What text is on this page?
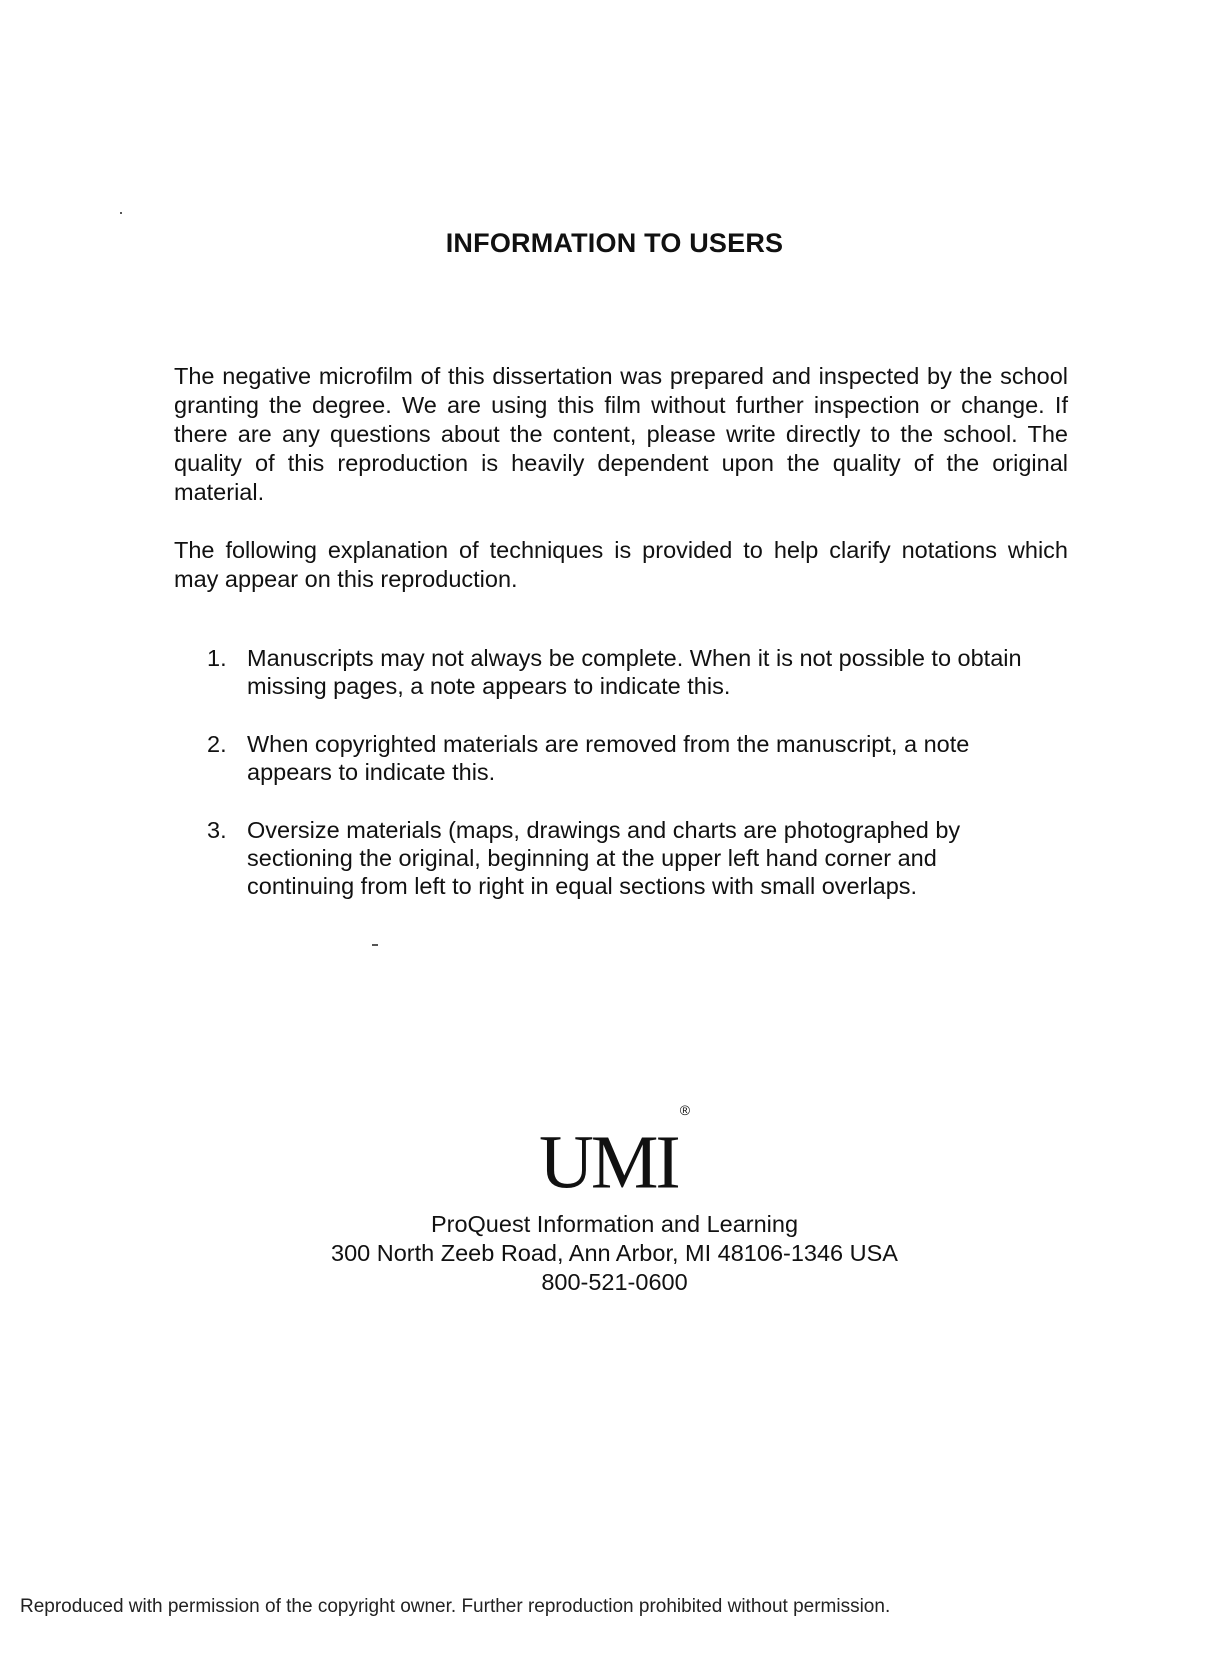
INFORMATION TO USERS

The negative microfilm of this dissertation was prepared and inspected by the school granting the degree. We are using this film without further inspection or change. If there are any questions about the content, please write directly to the school. The quality of this reproduction is heavily dependent upon the quality of the original material.

The following explanation of techniques is provided to help clarify notations which may appear on this reproduction.

1. Manuscripts may not always be complete. When it is not possible to obtain missing pages, a note appears to indicate this.
2. When copyrighted materials are removed from the manuscript, a note appears to indicate this.
3. Oversize materials (maps, drawings and charts are photographed by sectioning the original, beginning at the upper left hand corner and continuing from left to right in equal sections with small overlaps.
UMI®
ProQuest Information and Learning
300 North Zeeb Road, Ann Arbor, MI 48106-1346 USA
800-521-0600
Reproduced with permission of the copyright owner. Further reproduction prohibited without permission.
